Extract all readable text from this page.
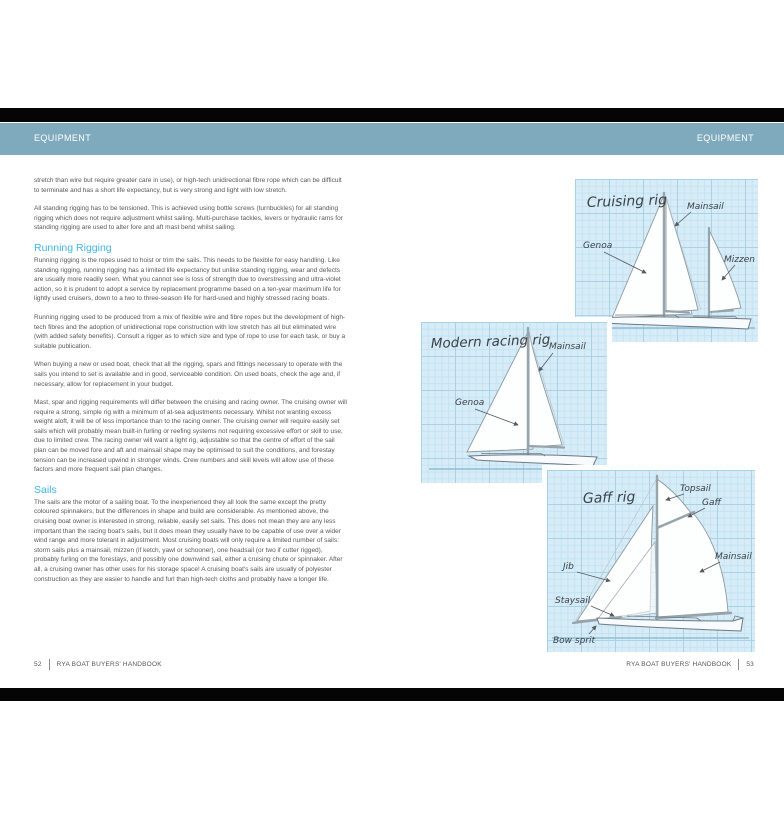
EQUIPMENT	EQUIPMENT

stretch than wire but require greater care in use), or high-tech unidirectional fibre rope which can be difficult to terminate and has a short life expectancy, but is very strong and light with low stretch.

All standing rigging has to be tensioned. This is achieved using bottle screws (turnbuckles) for all standing rigging which does not require adjustment whilst sailing. Multi-purchase tackles, levers or hydraulic rams for standing rigging are used to alter fore and aft mast bend whilst sailing.

Running Rigging

Running rigging is the ropes used to hoist or trim the sails. This needs to be flexible for easy handling. Like standing rigging, running rigging has a limited life expectancy but unlike standing rigging, wear and defects are usually more readily seen. What you cannot see is loss of strength due to overstressing and ultra-violet action, so it is prudent to adopt a service by replacement programme based on a ten-year maximum life for lightly used cruisers, down to a two to three-season life for hard-used and highly stressed racing boats.

Running rigging used to be produced from a mix of flexible wire and fibre ropes but the development of high-tech fibres and the adoption of unidirectional rope construction with low stretch has all but eliminated wire (with added safety benefits). Consult a rigger as to which size and type of rope to use for each task, or buy a suitable publication.

When buying a new or used boat, check that all the rigging, spars and fittings necessary to operate with the sails you intend to set is available and in good, serviceable condition. On used boats, check the age and, if necessary, allow for replacement in your budget.

Mast, spar and rigging requirements will differ between the cruising and racing owner. The cruising owner will require a strong, simple rig with a minimum of at-sea adjustments necessary. Whilst not wanting excess weight aloft, it will be of less importance than to the racing owner. The cruising owner will require easily set sails which will probably mean built-in furling or reefing systems not requiring excessive effort or skill to use, due to limited crew. The racing owner will want a light rig, adjustable so that the centre of effort of the sail plan can be moved fore and aft and mainsail shape may be optimised to suit the conditions, and forestay tension can be increased upwind in stronger winds. Crew numbers and skill levels will allow use of these factors and more frequent sail plan changes.

Sails

The sails are the motor of a sailing boat. To the inexperienced they all look the same except the pretty coloured spinnakers, but the differences in shape and build are considerable. As mentioned above, the cruising boat owner is interested in strong, reliable, easily set sails. This does not mean they are any less important than the racing boat's sails, but it does mean they usually have to be capable of use over a wider wind range and more tolerant in adjustment. Most cruising boats will only require a limited number of sails: storm sails plus a mainsail, mizzen (if ketch, yawl or schooner), one headsail (or two if cutter rigged), probably furling on the forestays, and possibly one downwind sail, either a cruising chute or spinnaker. After all, a cruising owner has other uses for his storage space! A cruising boat's sails are usually of polyester construction as they are easier to handle and furl than high-tech cloths and probably have a longer life.

Cruising rig Mainsail
Genoa
Mizzen
Modern racing rig
Mainsail
Genoa
Gaff rig
Topsail
Gaff
Mainsail
Jib
Staysail
Bow sprit
52 RYA BOAT BUYERS' HANDBOOK	RYA BOAT BUYERS' HANDBOOK 53
